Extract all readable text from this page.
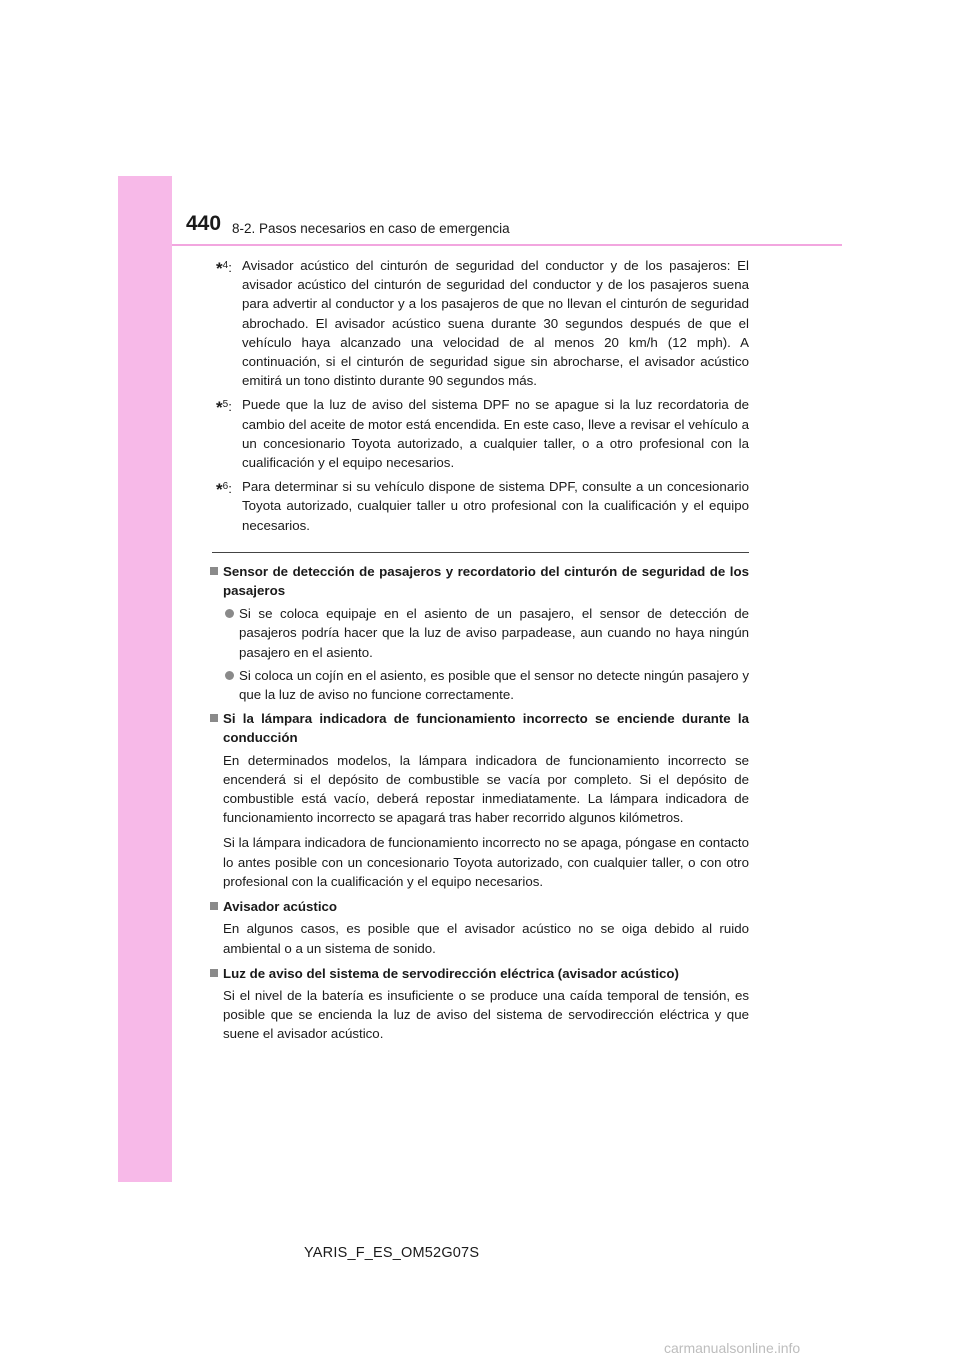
440 8-2. Pasos necesarios en caso de emergencia
*$^4$: Avisador acústico del cinturón de seguridad del conductor y de los pasajeros: El avisador acústico del cinturón de seguridad del conductor y de los pasajeros suena para advertir al conductor y a los pasajeros de que no llevan el cinturón de seguridad abrochado. El avisador acústico suena durante 30 segundos después de que el vehículo haya alcanzado una velocidad de al menos 20 km/h (12 mph). A continuación, si el cinturón de seguridad sigue sin abrocharse, el avisador acústico emitirá un tono distinto durante 90 segundos más.
*$^5$: Puede que la luz de aviso del sistema DPF no se apague si la luz recordatoria de cambio del aceite de motor está encendida. En este caso, lleve a revisar el vehículo a un concesionario Toyota autorizado, a cualquier taller, o a otro profesional con la cualificación y el equipo necesarios.
*$^6$: Para determinar si su vehículo dispone de sistema DPF, consulte a un concesionario Toyota autorizado, cualquier taller u otro profesional con la cualificación y el equipo necesarios.
Sensor de detección de pasajeros y recordatorio del cinturón de seguridad de los pasajeros
Si se coloca equipaje en el asiento de un pasajero, el sensor de detección de pasajeros podría hacer que la luz de aviso parpadease, aun cuando no haya ningún pasajero en el asiento.
Si coloca un cojín en el asiento, es posible que el sensor no detecte ningún pasajero y que la luz de aviso no funcione correctamente.
Si la lámpara indicadora de funcionamiento incorrecto se enciende durante la conducción
En determinados modelos, la lámpara indicadora de funcionamiento incorrecto se encenderá si el depósito de combustible se vacía por completo. Si el depósito de combustible está vacío, deberá repostar inmediatamente. La lámpara indicadora de funcionamiento incorrecto se apagará tras haber recorrido algunos kilómetros.
Si la lámpara indicadora de funcionamiento incorrecto no se apaga, póngase en contacto lo antes posible con un concesionario Toyota autorizado, con cualquier taller, o con otro profesional con la cualificación y el equipo necesarios.
Avisador acústico
En algunos casos, es posible que el avisador acústico no se oiga debido al ruido ambiental o a un sistema de sonido.
Luz de aviso del sistema de servodirección eléctrica (avisador acústico)
Si el nivel de la batería es insuficiente o se produce una caída temporal de tensión, es posible que se encienda la luz de aviso del sistema de servodirección eléctrica y que suene el avisador acústico.
YARIS_F_ES_OM52G07S
carmanualsonline.info
